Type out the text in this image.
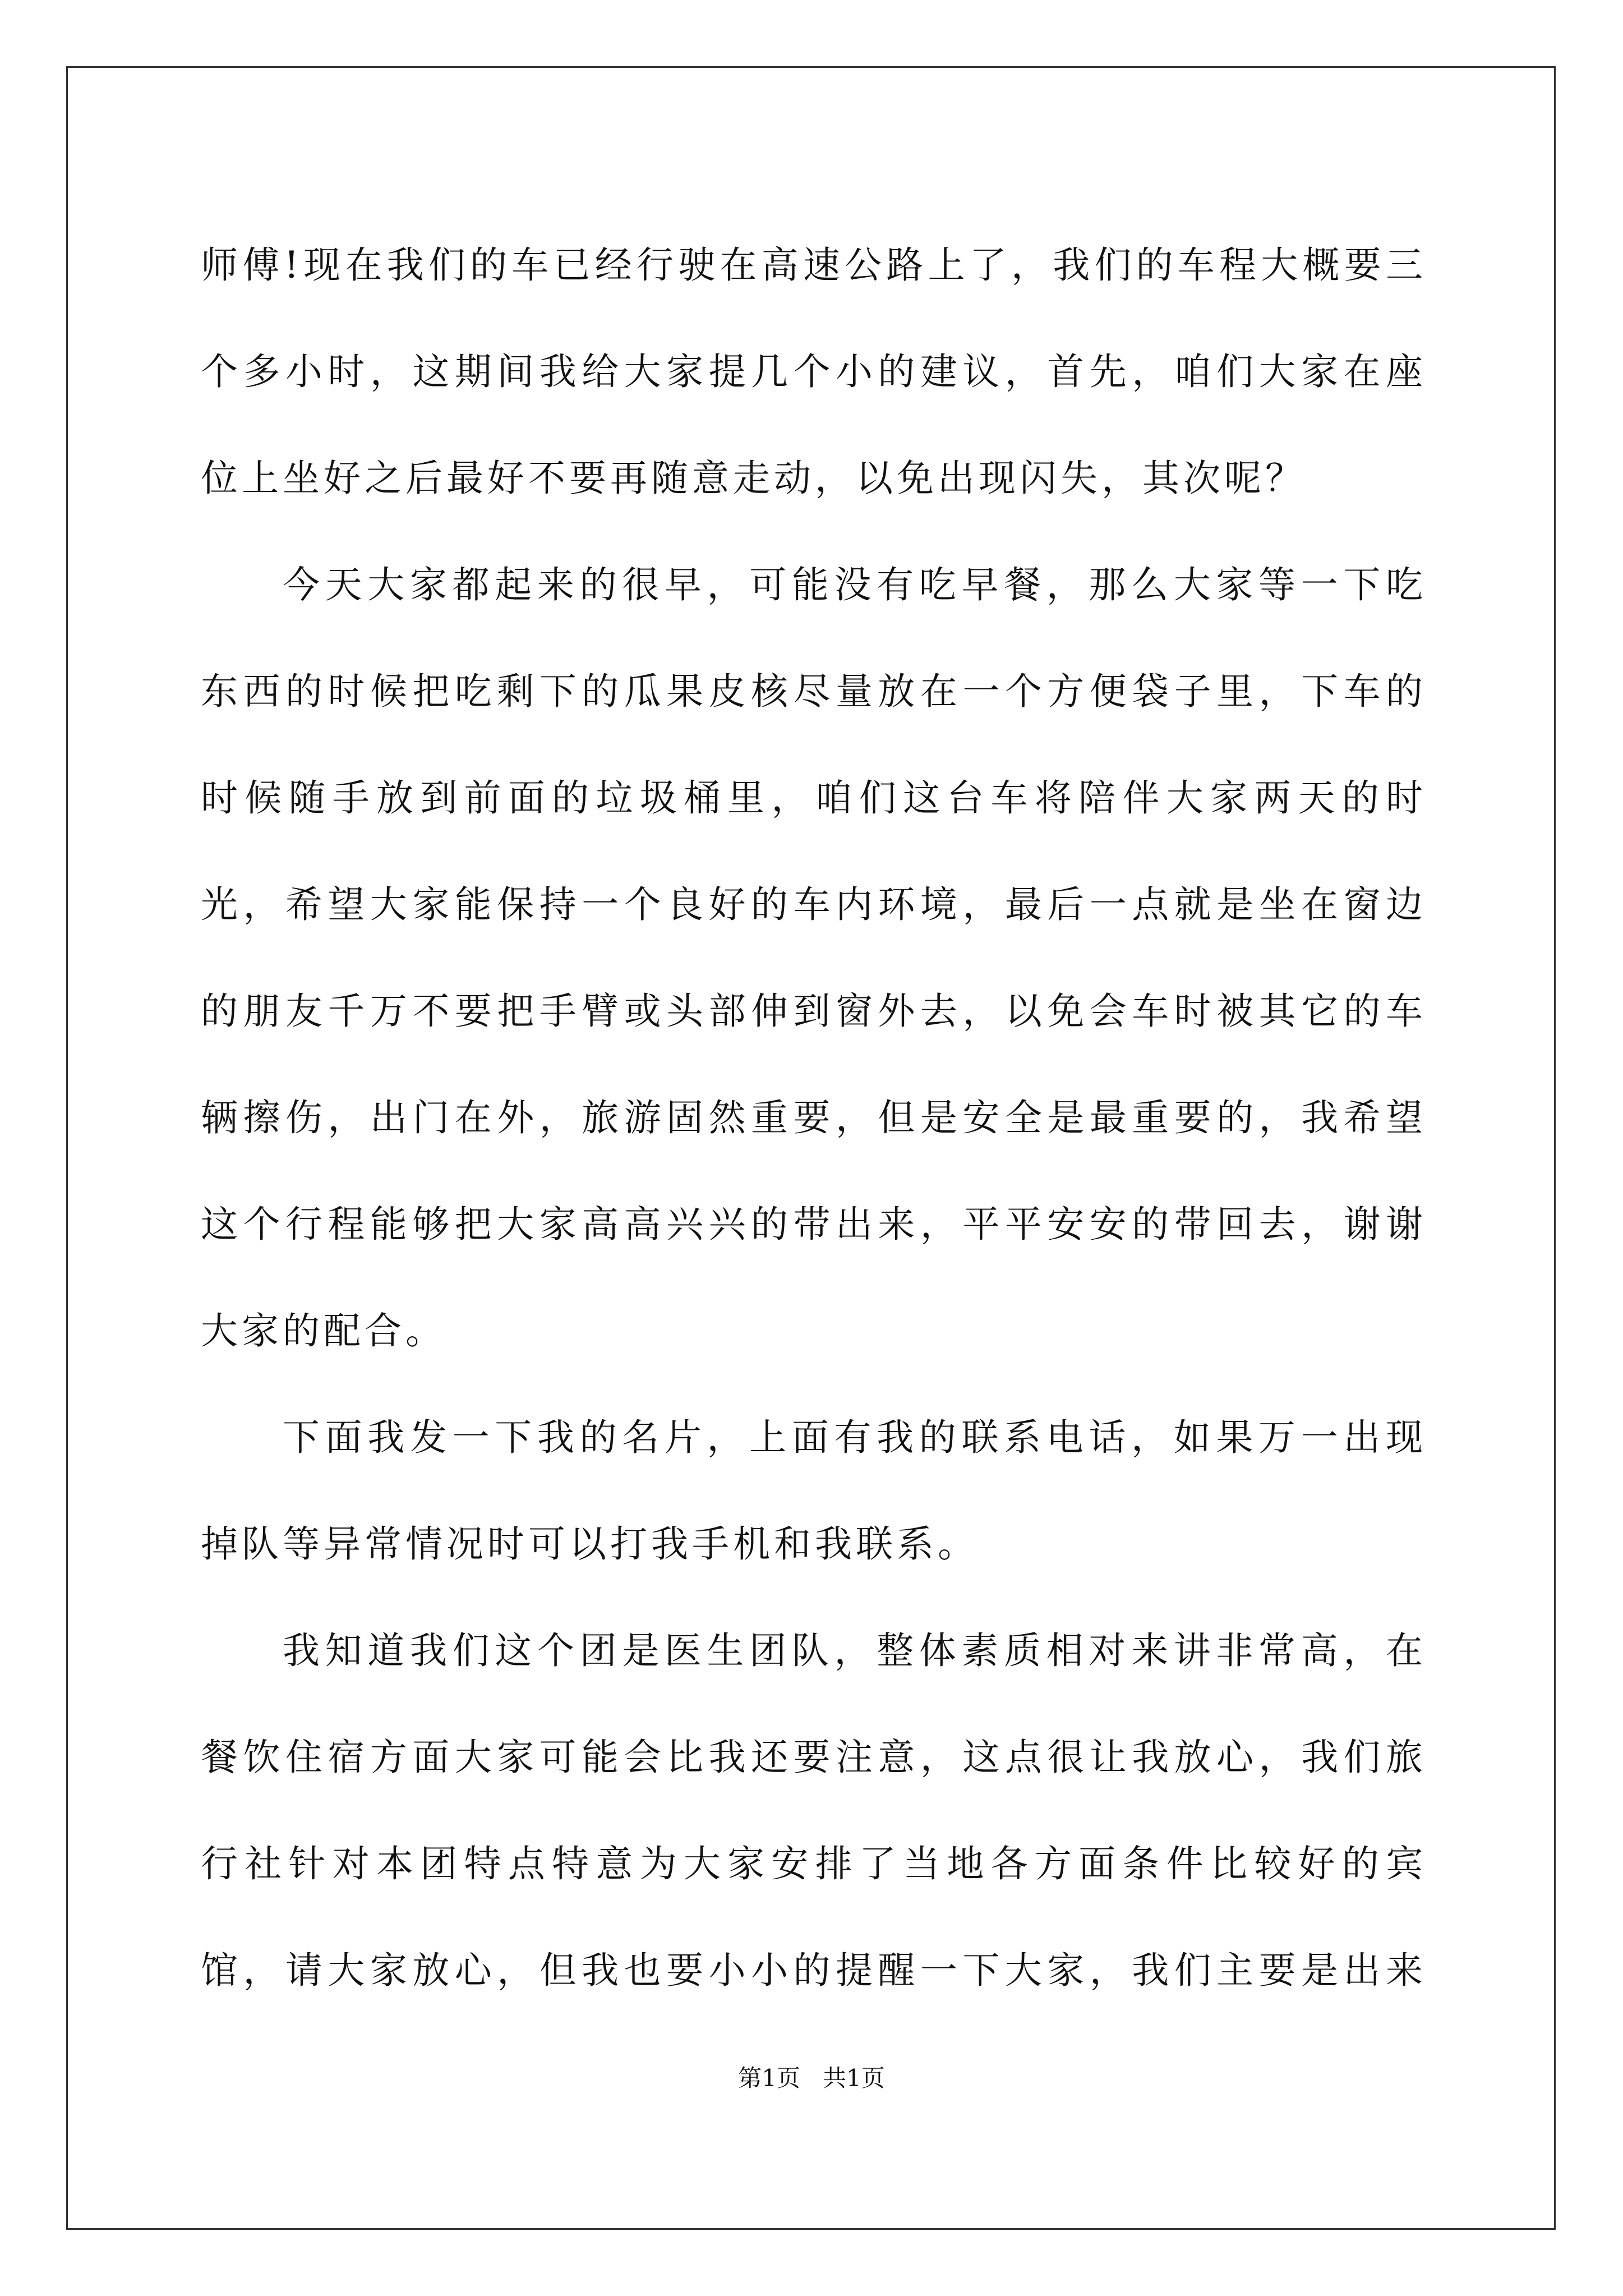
师傅!现在我们的车已经行驶在高速公路上了，我们的车程大概要三个多小时，这期间我给大家提几个小的建议，首先，咱们大家在座位上坐好之后最好不要再随意走动，以免出现闪失，其次呢？

今天大家都起来的很早，可能没有吃早餐，那么大家等一下吃东西的时候把吃剩下的瓜果皮核尽量放在一个方便袋子里，下车的时候随手放到前面的垃圾桶里，咱们这台车将陪伴大家两天的时光，希望大家能保持一个良好的车内环境，最后一点就是坐在窗边的朋友千万不要把手臂或头部伸到窗外去，以免会车时被其它的车辆擦伤，出门在外，旅游固然重要，但是安全是最重要的，我希望这个行程能够把大家高高兴兴的带出来，平平安安的带回去，谢谢大家的配合。

下面我发一下我的名片，上面有我的联系电话，如果万一出现掉队等异常情况时可以打我手机和我联系。

我知道我们这个团是医生团队，整体素质相对来讲非常高，在餐饮住宿方面大家可能会比我还要注意，这点很让我放心，我们旅行社针对本团特点特意为大家安排了当地各方面条件比较好的宾馆，请大家放心，但我也要小小的提醒一下大家，我们主要是出来

第1页   共1页
